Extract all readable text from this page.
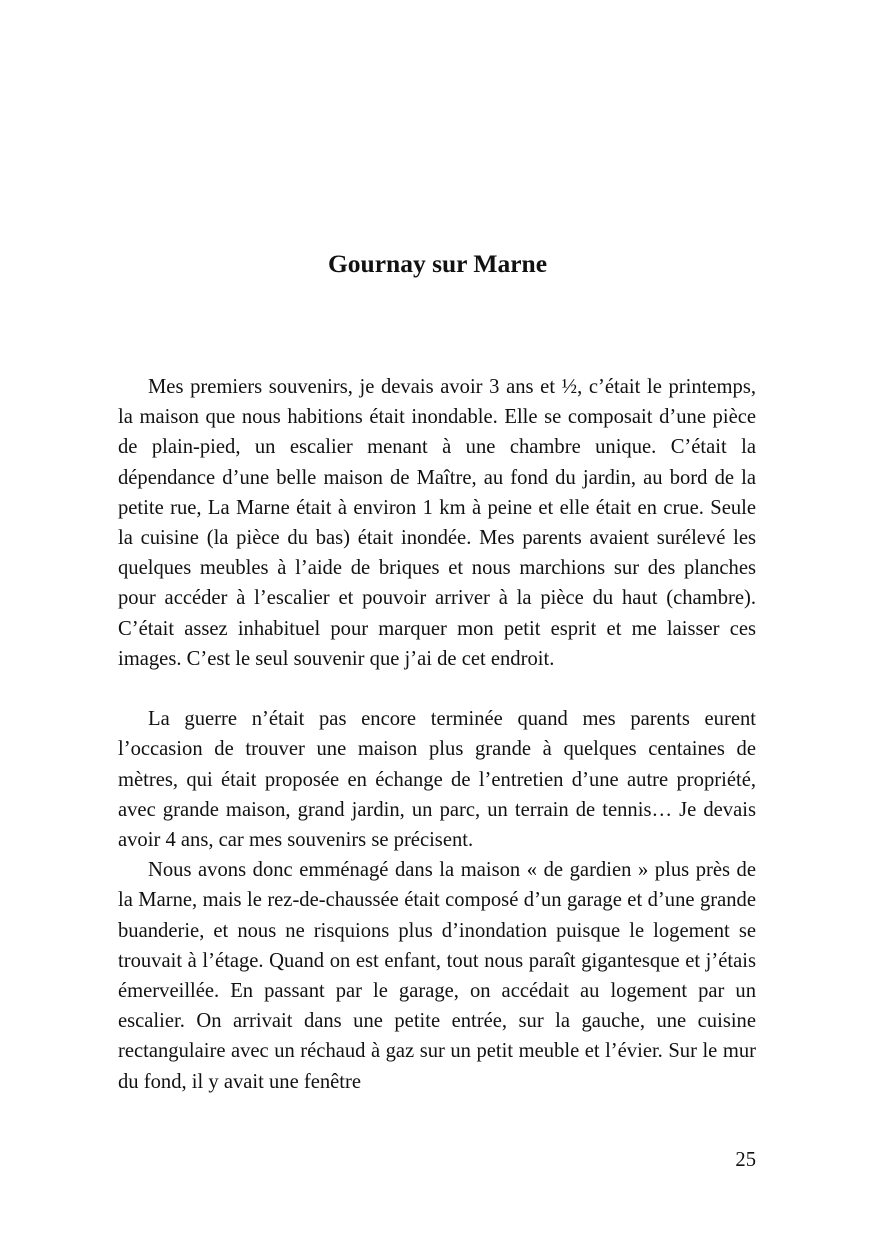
Gournay sur Marne

Mes premiers souvenirs, je devais avoir 3 ans et ½, c’était le printemps, la maison que nous habitions était inondable. Elle se composait d’une pièce de plain-pied, un escalier menant à une chambre unique. C’était la dépendance d’une belle maison de Maître, au fond du jardin, au bord de la petite rue, La Marne était à environ 1 km à peine et elle était en crue. Seule la cuisine (la pièce du bas) était inondée. Mes parents avaient surélevé les quelques meubles à l’aide de briques et nous marchions sur des planches pour accéder à l’escalier et pouvoir arriver à la pièce du haut (chambre). C’était assez inhabituel pour marquer mon petit esprit et me laisser ces images. C’est le seul souvenir que j’ai de cet endroit.

La guerre n’était pas encore terminée quand mes parents eurent l’occasion de trouver une maison plus grande à quelques centaines de mètres, qui était proposée en échange de l’entretien d’une autre propriété, avec grande maison, grand jardin, un parc, un terrain de tennis… Je devais avoir 4 ans, car mes souvenirs se précisent.

Nous avons donc emménagé dans la maison « de gardien » plus près de la Marne, mais le rez-de-chaussée était composé d’un garage et d’une grande buanderie, et nous ne risquions plus d’inondation puisque le logement se trouvait à l’étage. Quand on est enfant, tout nous paraît gigantesque et j’étais émerveillée. En passant par le garage, on accédait au logement par un escalier. On arrivait dans une petite entrée, sur la gauche, une cuisine rectangulaire avec un réchaud à gaz sur un petit meuble et l’évier. Sur le mur du fond, il y avait une fenêtre

25
